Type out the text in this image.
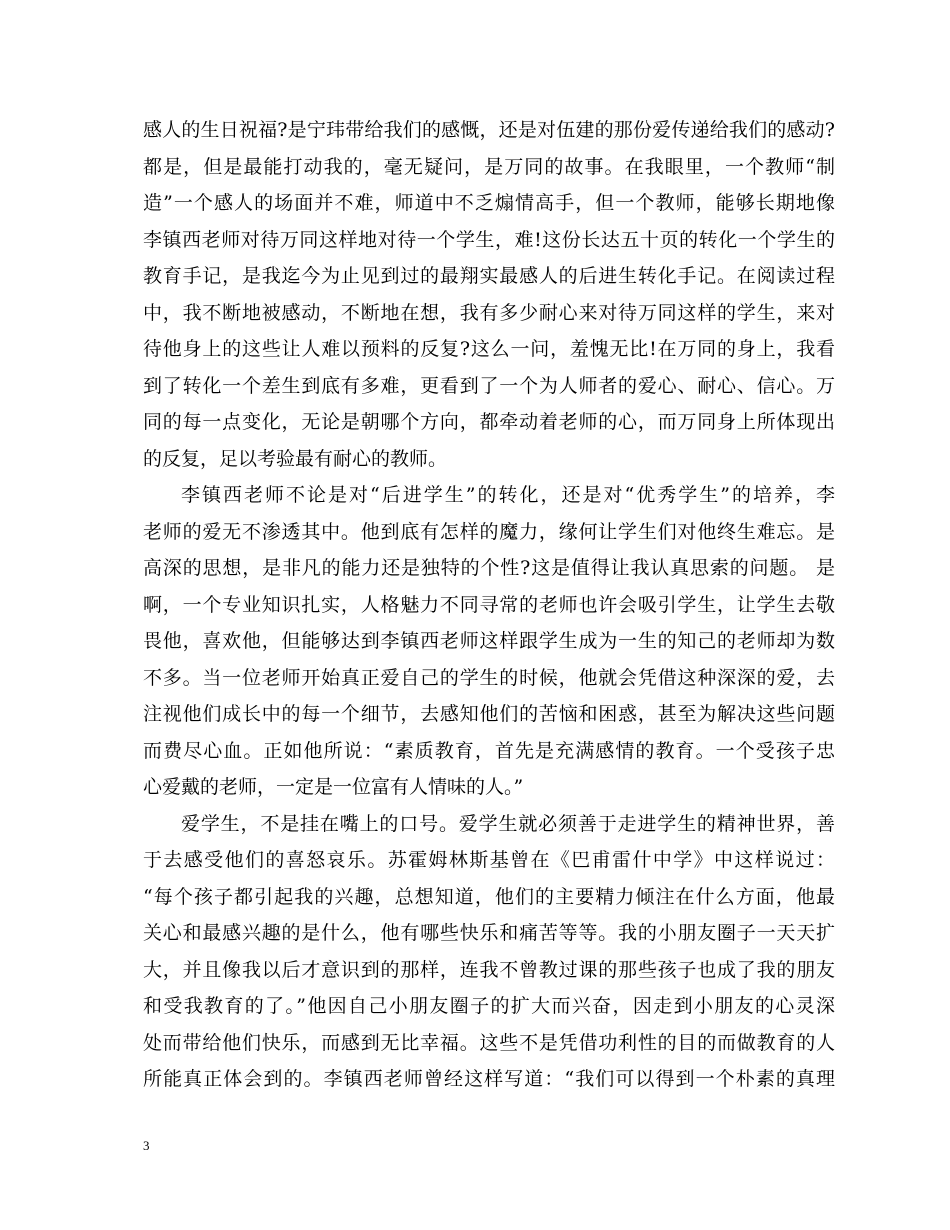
感人的生日祝福?是宁玮带给我们的感慨，还是对伍建的那份爱传递给我们的感动?
都是，但是最能打动我的，毫无疑问，是万同的故事。在我眼里，一个教师“制
造”一个感人的场面并不难，师道中不乏煽情高手，但一个教师，能够长期地像
李镇西老师对待万同这样地对待一个学生，难!这份长达五十页的转化一个学生的
教育手记，是我迄今为止见到过的最翔实最感人的后进生转化手记。在阅读过程
中，我不断地被感动，不断地在想，我有多少耐心来对待万同这样的学生，来对
待他身上的这些让人难以预料的反复?这么一问，羞愧无比!在万同的身上，我看
到了转化一个差生到底有多难，更看到了一个为人师者的爱心、耐心、信心。万
同的每一点变化，无论是朝哪个方向，都牵动着老师的心，而万同身上所体现出
的反复，足以考验最有耐心的教师。
李镇西老师不论是对“后进学生”的转化，还是对“优秀学生”的培养，李
老师的爱无不渗透其中。他到底有怎样的魔力，缘何让学生们对他终生难忘。是
高深的思想，是非凡的能力还是独特的个性?这是值得让我认真思索的问题。 是
啊，一个专业知识扎实，人格魅力不同寻常的老师也许会吸引学生，让学生去敬
畏他，喜欢他，但能够达到李镇西老师这样跟学生成为一生的知己的老师却为数
不多。当一位老师开始真正爱自己的学生的时候，他就会凭借这种深深的爱，去
注视他们成长中的每一个细节，去感知他们的苦恼和困惑，甚至为解决这些问题
而费尽心血。正如他所说：“素质教育，首先是充满感情的教育。一个受孩子忠
心爱戴的老师，一定是一位富有人情味的人。”
爱学生，不是挂在嘴上的口号。爱学生就必须善于走进学生的精神世界，善
于去感受他们的喜怒哀乐。苏霍姆林斯基曾在《巴甫雷什中学》中这样说过：
“每个孩子都引起我的兴趣，总想知道，他们的主要精力倾注在什么方面，他最
关心和最感兴趣的是什么，他有哪些快乐和痛苦等等。我的小朋友圈子一天天扩
大，并且像我以后才意识到的那样，连我不曾教过课的那些孩子也成了我的朋友
和受我教育的了。”他因自己小朋友圈子的扩大而兴奋，因走到小朋友的心灵深
处而带给他们快乐，而感到无比幸福。这些不是凭借功利性的目的而做教育的人
所能真正体会到的。李镇西老师曾经这样写道：“我们可以得到一个朴素的真理
3
